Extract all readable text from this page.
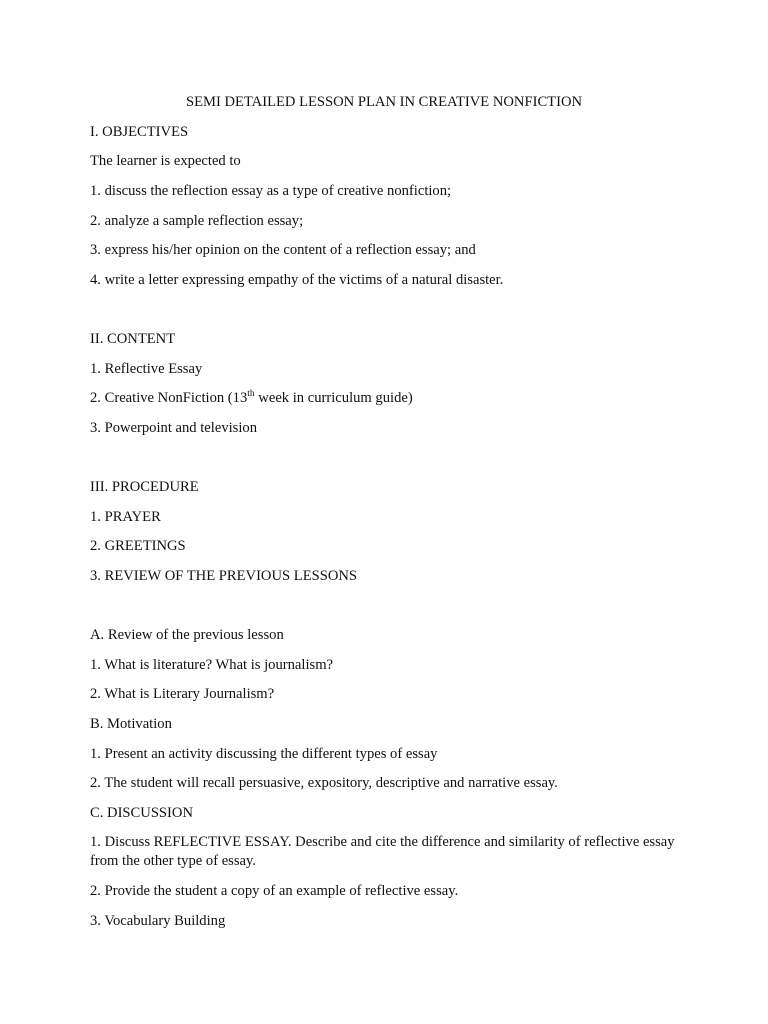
SEMI DETAILED LESSON PLAN IN CREATIVE NONFICTION
I. OBJECTIVES
The learner is expected to
1. discuss the reflection essay as a type of creative nonfiction;
2. analyze a sample reflection essay;
3. express his/her opinion on the content of a reflection essay; and
4. write a letter expressing empathy of the victims of a natural disaster.
II. CONTENT
1. Reflective Essay
2. Creative NonFiction (13th week in curriculum guide)
3. Powerpoint and television
III. PROCEDURE
1. PRAYER
2. GREETINGS
3. REVIEW OF THE PREVIOUS LESSONS
A. Review of the previous lesson
1. What is literature? What is journalism?
2. What is Literary Journalism?
B. Motivation
1. Present an activity discussing the different types of essay
2. The student will recall persuasive, expository, descriptive and narrative essay.
C. DISCUSSION
1. Discuss REFLECTIVE ESSAY. Describe and cite the difference and similarity of reflective essay from the other type of essay.
2. Provide the student a copy of an example of reflective essay.
3. Vocabulary Building
